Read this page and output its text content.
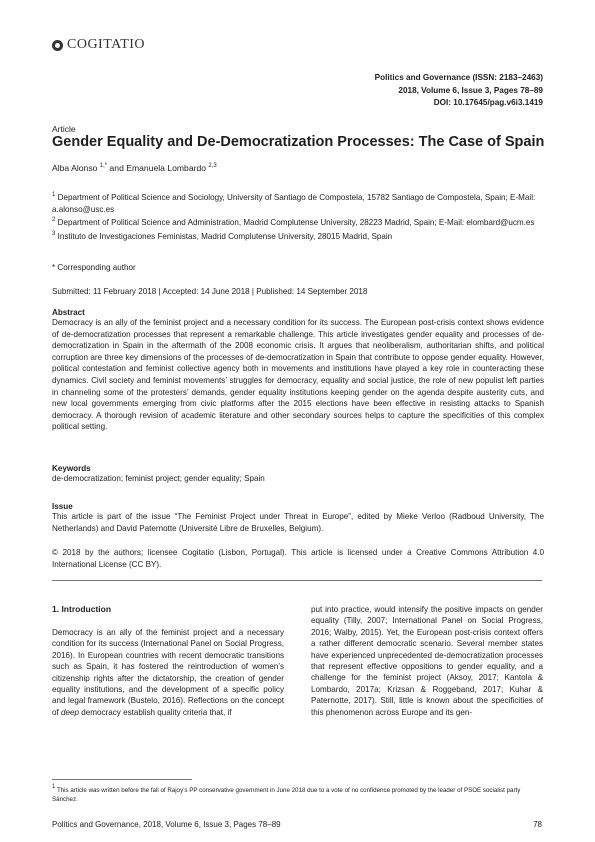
COGITATIO
Politics and Governance (ISSN: 2183–2463)
2018, Volume 6, Issue 3, Pages 78–89
DOI: 10.17645/pag.v6i3.1419
Article
Gender Equality and De-Democratization Processes: The Case of Spain
Alba Alonso $^{1,*}$ and Emanuela Lombardo $^{2,3}$
$^1$ Department of Political Science and Sociology, University of Santiago de Compostela, 15782 Santiago de Compostela, Spain; E-Mail: a.alonso@usc.es
$^2$ Department of Political Science and Administration, Madrid Complutense University, 28223 Madrid, Spain; E-Mail: elombard@ucm.es
$^3$ Instituto de Investigaciones Feministas, Madrid Complutense University, 28015 Madrid, Spain
* Corresponding author
Submitted: 11 February 2018 | Accepted: 14 June 2018 | Published: 14 September 2018
Abstract
Democracy is an ally of the feminist project and a necessary condition for its success. The European post-crisis context shows evidence of de-democratization processes that represent a remarkable challenge. This article investigates gender equality and processes of de-democratization in Spain in the aftermath of the 2008 economic crisis. It argues that neoliberalism, authoritarian shifts, and political corruption are three key dimensions of the processes of de-democratization in Spain that contribute to oppose gender equality. However, political contestation and feminist collective agency both in movements and institutions have played a key role in counteracting these dynamics. Civil society and feminist movements’ struggles for democracy, equality and social justice, the role of new populist left parties in channeling some of the protesters’ demands, gender equality institutions keeping gender on the agenda despite austerity cuts, and new local governments emerging from civic platforms after the 2015 elections have been effective in resisting attacks to Spanish democracy. A thorough revision of academic literature and other secondary sources helps to capture the specificities of this complex political setting.
Keywords
de-democratization; feminist project; gender equality; Spain
Issue
This article is part of the issue “The Feminist Project under Threat in Europe”, edited by Mieke Verloo (Radboud University, The Netherlands) and David Paternotte (Université Libre de Bruxelles, Belgium).
© 2018 by the authors; licensee Cogitatio (Lisbon, Portugal). This article is licensed under a Creative Commons Attribution 4.0 International License (CC BY).
1. Introduction
Democracy is an ally of the feminist project and a necessary condition for its success (International Panel on Social Progress, 2016). In European countries with recent democratic transitions such as Spain, it has fostered the reintroduction of women’s citizenship rights after the dictatorship, the creation of gender equality institutions, and the development of a specific policy and legal framework (Bustelo, 2016). Reflections on the concept of deep democracy establish quality criteria that, if
put into practice, would intensify the positive impacts on gender equality (Tilly, 2007; International Panel on Social Progress, 2016; Walby, 2015). Yet, the European post-crisis context offers a rather different democratic scenario. Several member states have experienced unprecedented de-democratization processes that represent effective oppositions to gender equality, and a challenge for the feminist project (Aksoy, 2017; Kantola & Lombardo, 2017a; Krizsan & Roggeband, 2017; Kuhar & Paternotte, 2017). Still, little is known about the specificities of this phenomenon across Europe and its gen-
$^1$ This article was written before the fall of Rajoy’s PP conservative government in June 2018 due to a vote of no confidence promoted by the leader of PSOE socialist party Sánchez.
Politics and Governance, 2018, Volume 6, Issue 3, Pages 78–89	78
